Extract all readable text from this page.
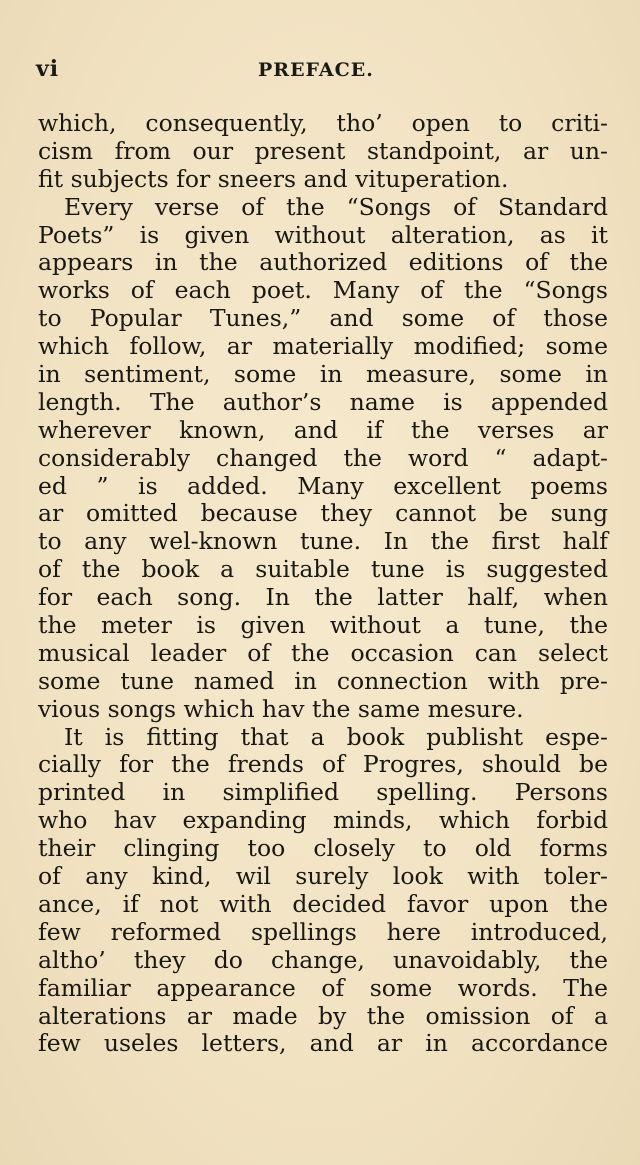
vi	PREFACE.
which, consequently, tho’ open to criti-
cism from our present standpoint, ar un-
fit subjects for sneers and vituperation.
Every verse of the “Songs of Standard
Poets” is given without alteration, as it
appears in the authorized editions of the
works of each poet. Many of the “Songs
to Popular Tunes,” and some of those
which follow, ar materially modified; some
in sentiment, some in measure, some in
length. The author’s name is appended
wherever known, and if the verses ar
considerably changed the word “ adapt-
ed ” is added. Many excellent poems
ar omitted because they cannot be sung
to any wel-known tune. In the first half
of the book a suitable tune is suggested
for each song. In the latter half, when
the meter is given without a tune, the
musical leader of the occasion can select
some tune named in connection with pre-
vious songs which hav the same mesure.
It is fitting that a book publisht espe-
cially for the frends of Progres, should be
printed in simplified spelling. Persons
who hav expanding minds, which forbid
their clinging too closely to old forms
of any kind, wil surely look with toler-
ance, if not with decided favor upon the
few reformed spellings here introduced,
altho’ they do change, unavoidably, the
familiar appearance of some words. The
alterations ar made by the omission of a
few useles letters, and ar in accordance
